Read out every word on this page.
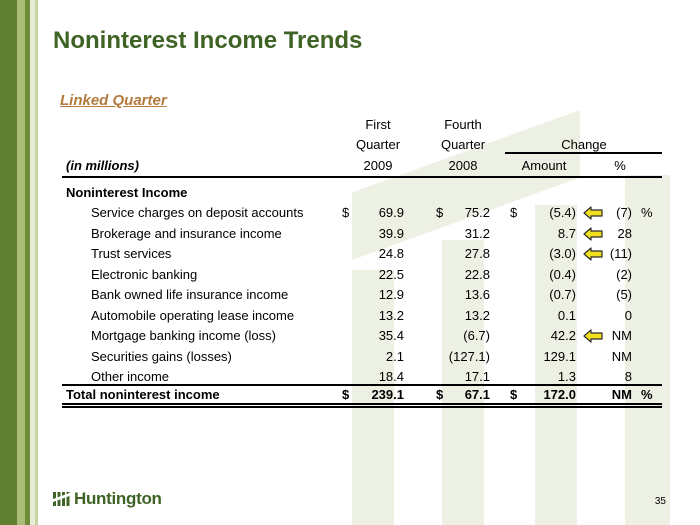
Noninterest Income Trends
Linked Quarter
First
Quarter
2009
Fourth
Quarter
2008
Change
Amount	%
(in millions)
Noninterest Income
Service charges on deposit accounts	$	69.9 $	75.2 $	(5.4)	(7) %
Brokerage and insurance income	39.9	31.2	8.7	28
Trust services	24.8	27.8	(3.0)	(11)
Electronic banking	22.5	22.8	(0.4)	(2)
Bank owned life insurance income	12.9	13.6	(0.7)	(5)
Automobile operating lease income	13.2	13.2	0.1	0
Mortgage banking income (loss)	35.4	(6.7)	42.2	NM
Securities gains (losses)	2.1	(127.1)	129.1	NM
Other income	18.4	17.1	1.3	8
Total noninterest income	$	239.1 $	67.1 $	172.0	NM %
Huntington	35
